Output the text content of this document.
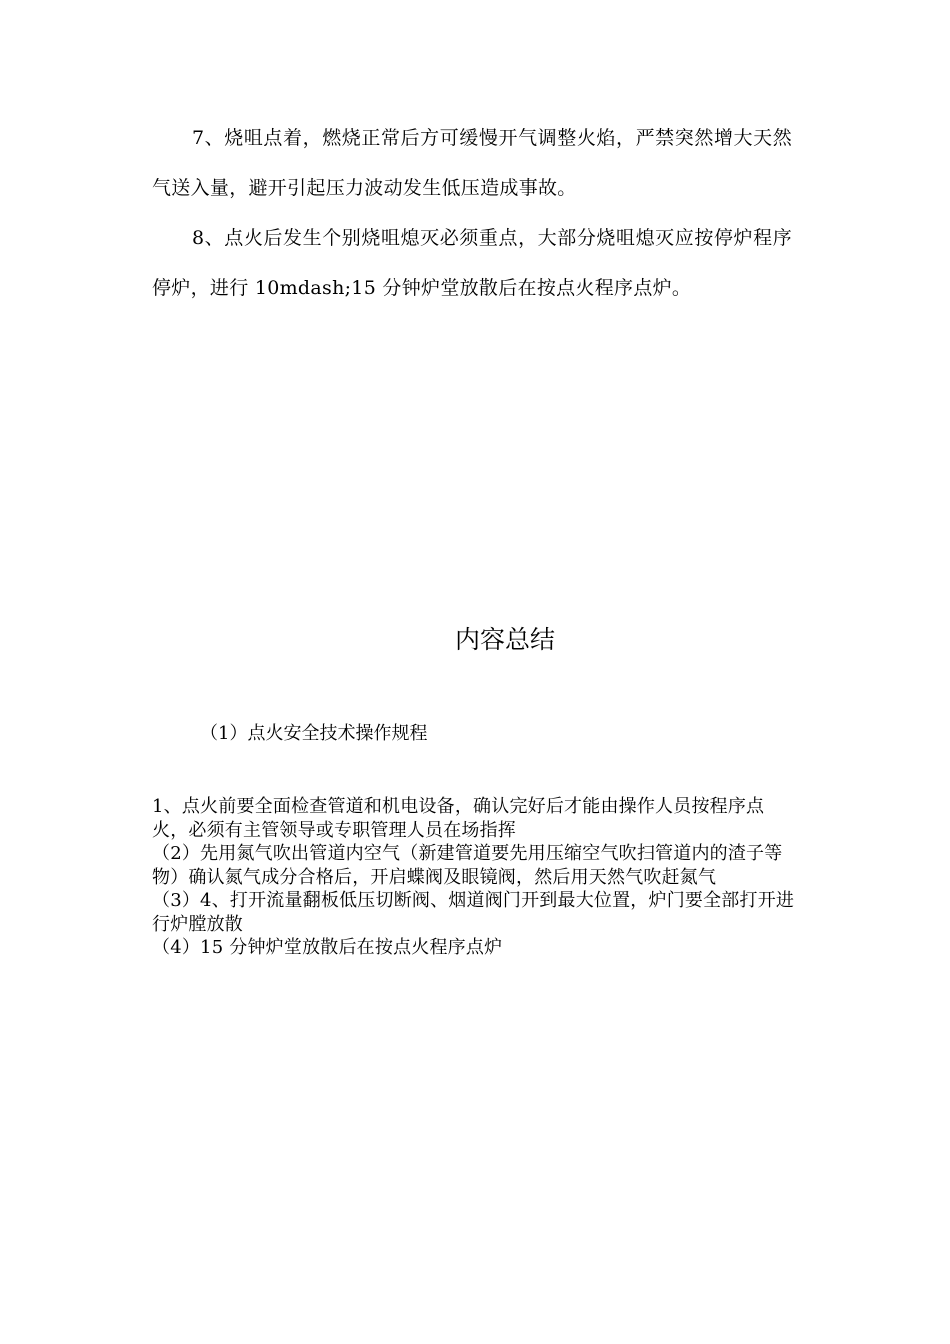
7、烧咀点着，燃烧正常后方可缓慢开气调整火焰，严禁突然增大天然气送入量，避开引起压力波动发生低压造成事故。

8、点火后发生个别烧咀熄灭必须重点，大部分烧咀熄灭应按停炉程序停炉，进行 10mdash;15 分钟炉堂放散后在按点火程序点炉。

内容总结
（1）点火安全技术操作规程
1、点火前要全面检查管道和机电设备，确认完好后才能由操作人员按程序点火，必须有主管领导或专职管理人员在场指挥
（2）先用氮气吹出管道内空气（新建管道要先用压缩空气吹扫管道内的渣子等物）确认氮气成分合格后，开启蝶阀及眼镜阀，然后用天然气吹赶氮气
（3）4、打开流量翻板低压切断阀、烟道阀门开到最大位置，炉门要全部打开进行炉膛放散
（4）15 分钟炉堂放散后在按点火程序点炉
